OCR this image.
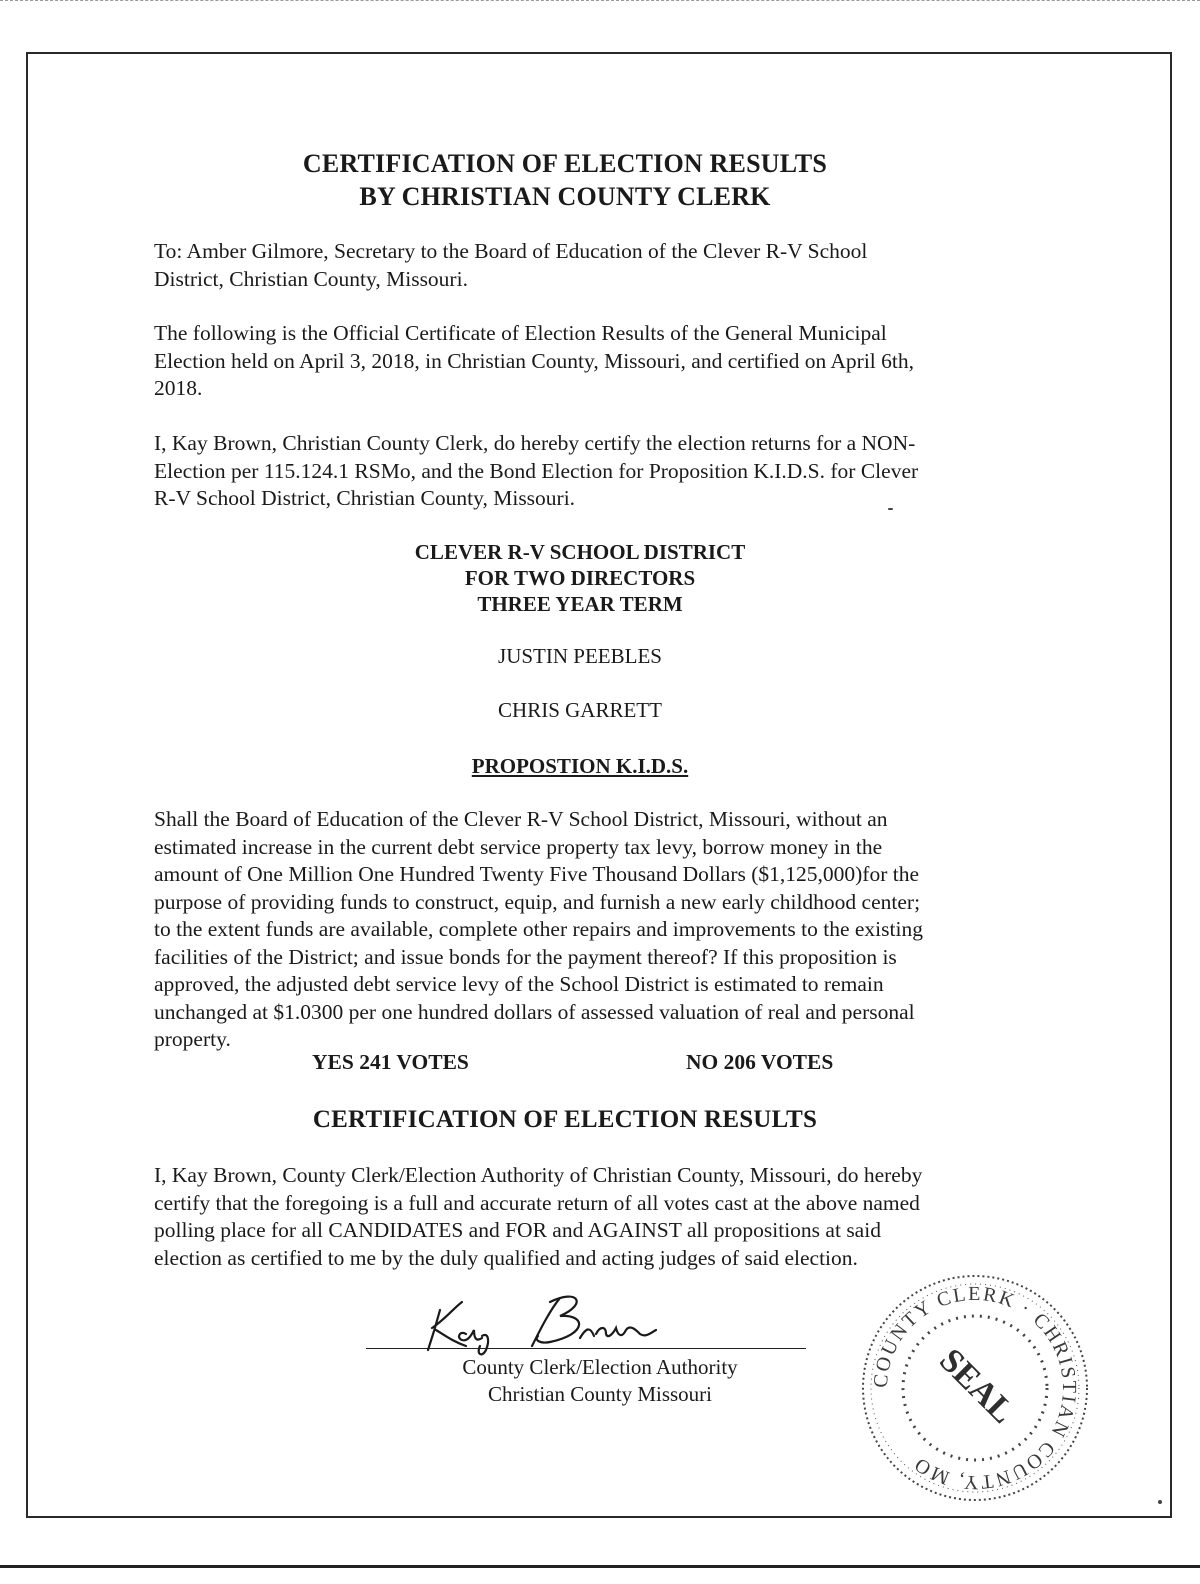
CERTIFICATION OF ELECTION RESULTS
BY CHRISTIAN COUNTY CLERK

To: Amber Gilmore, Secretary to the Board of Education of the Clever R-V School

District, Christian County, Missouri.

The following is the Official Certificate of Election Results of the General Municipal

Election held on April 3, 2018, in Christian County, Missouri, and certified on April 6th,

2018.

I, Kay Brown, Christian County Clerk, do hereby certify the election returns for a NON-

Election per 115.124.1 RSMo, and the Bond Election for Proposition K.I.D.S. for Clever

R-V School District, Christian County, Missouri.

CLEVER R-V SCHOOL DISTRICT
FOR TWO DIRECTORS
THREE YEAR TERM
JUSTIN PEEBLES
CHRIS GARRETT
PROPOSTION K.I.D.S.

Shall the Board of Education of the Clever R-V School District, Missouri, without an

estimated increase in the current debt service property tax levy, borrow money in the

amount of One Million One Hundred Twenty Five Thousand Dollars ($1,125,000)for the

purpose of providing funds to construct, equip, and furnish a new early childhood center;

to the extent funds are available, complete other repairs and improvements to the existing

facilities of the District; and issue bonds for the payment thereof? If this proposition is

approved, the adjusted debt service levy of the School District is estimated to remain

unchanged at $1.0300 per one hundred dollars of assessed valuation of real and personal

property.

YES 241 VOTES	NO 206 VOTES
CERTIFICATION OF ELECTION RESULTS

I, Kay Brown, County Clerk/Election Authority of Christian County, Missouri, do hereby

certify that the foregoing is a full and accurate return of all votes cast at the above named

polling place for all CANDIDATES and FOR and AGAINST all propositions at said

election as certified to me by the duly qualified and acting judges of said election.

County Clerk/Election Authority
Christian County Missouri
COUNTY CLERK · CHRISTIAN COUNTY, MO
SEAL
